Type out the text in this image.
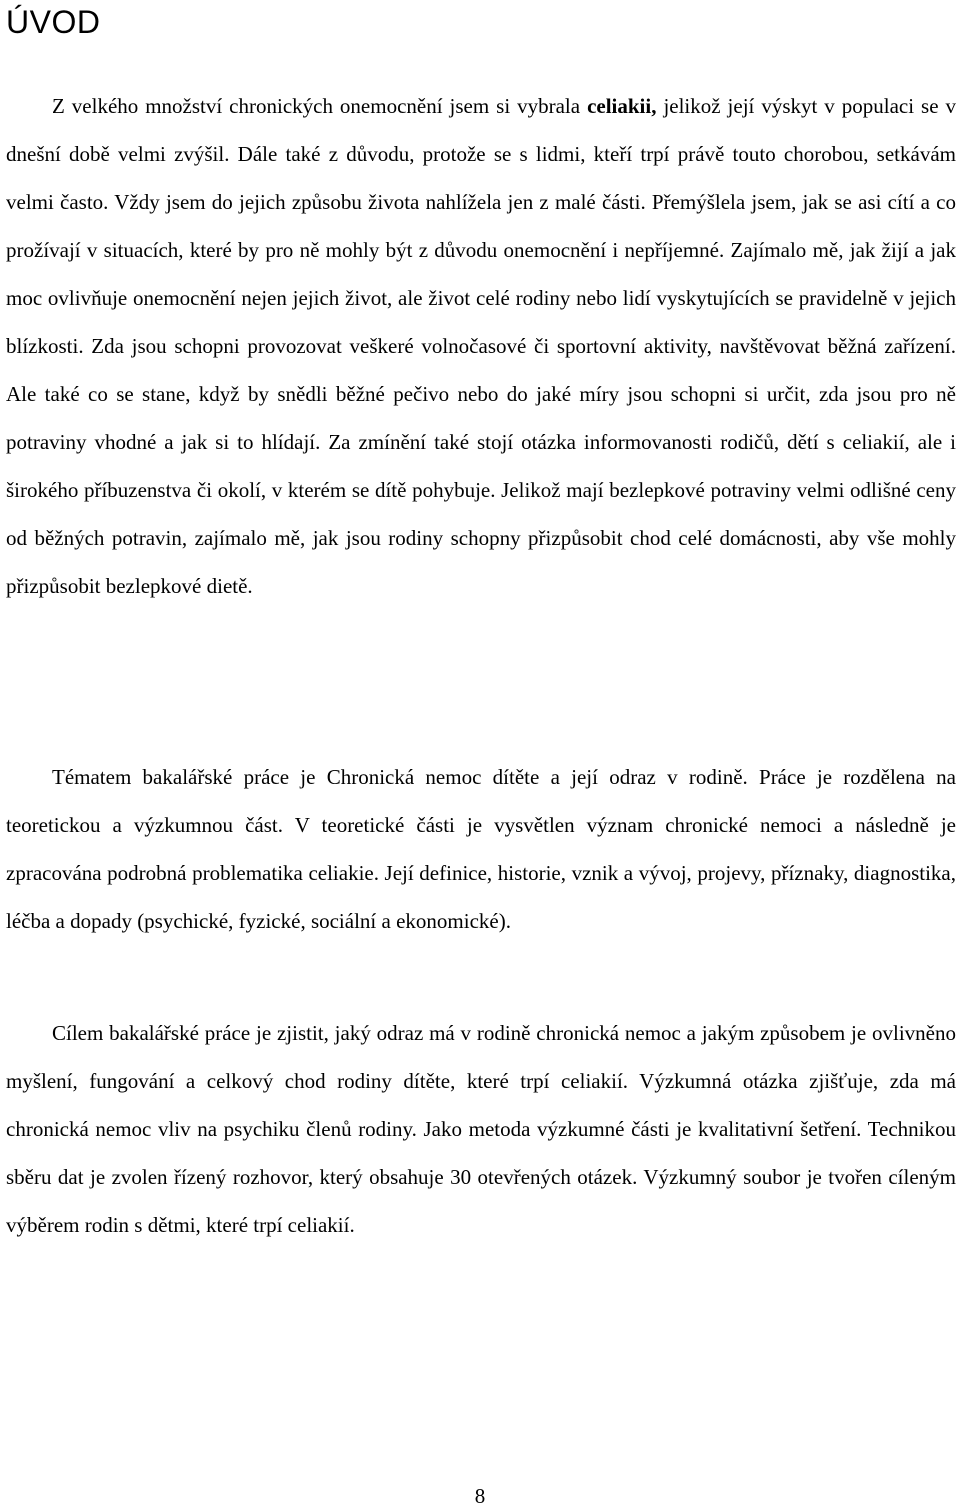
ÚVOD

Z velkého množství chronických onemocnění jsem si vybrala celiakii, jelikož její výskyt v populaci se v dnešní době velmi zvýšil. Dále také z důvodu, protože se s lidmi, kteří trpí právě touto chorobou, setkávám velmi často. Vždy jsem do jejich způsobu života nahlížela jen z malé části. Přemýšlela jsem, jak se asi cítí a co prožívají v situacích, které by pro ně mohly být z důvodu onemocnění i nepříjemné. Zajímalo mě, jak žijí a jak moc ovlivňuje onemocnění nejen jejich život, ale život celé rodiny nebo lidí vyskytujících se pravidelně v jejich blízkosti. Zda jsou schopni provozovat veškeré volnočasové či sportovní aktivity, navštěvovat běžná zařízení. Ale také co se stane, když by snědli běžné pečivo nebo do jaké míry jsou schopni si určit, zda jsou pro ně potraviny vhodné a jak si to hlídají. Za zmínění také stojí otázka informovanosti rodičů, dětí s celiakií, ale i širokého příbuzenstva či okolí, v kterém se dítě pohybuje. Jelikož mají bezlepkové potraviny velmi odlišné ceny od běžných potravin, zajímalo mě, jak jsou rodiny schopny přizpůsobit chod celé domácnosti, aby vše mohly přizpůsobit bezlepkové dietě.

Tématem bakalářské práce je Chronická nemoc dítěte a její odraz v rodině. Práce je rozdělena na teoretickou a výzkumnou část. V teoretické části je vysvětlen význam chronické nemoci a následně je zpracována podrobná problematika celiakie. Její definice, historie, vznik a vývoj, projevy, příznaky, diagnostika, léčba a dopady (psychické, fyzické, sociální a ekonomické).

Cílem bakalářské práce je zjistit, jaký odraz má v rodině chronická nemoc a jakým způsobem je ovlivněno myšlení, fungování a celkový chod rodiny dítěte, které trpí celiakií. Výzkumná otázka zjišťuje, zda má chronická nemoc vliv na psychiku členů rodiny. Jako metoda výzkumné části je kvalitativní šetření. Technikou sběru dat je zvolen řízený rozhovor, který obsahuje 30 otevřených otázek. Výzkumný soubor je tvořen cíleným výběrem rodin s dětmi, které trpí celiakií.

8
